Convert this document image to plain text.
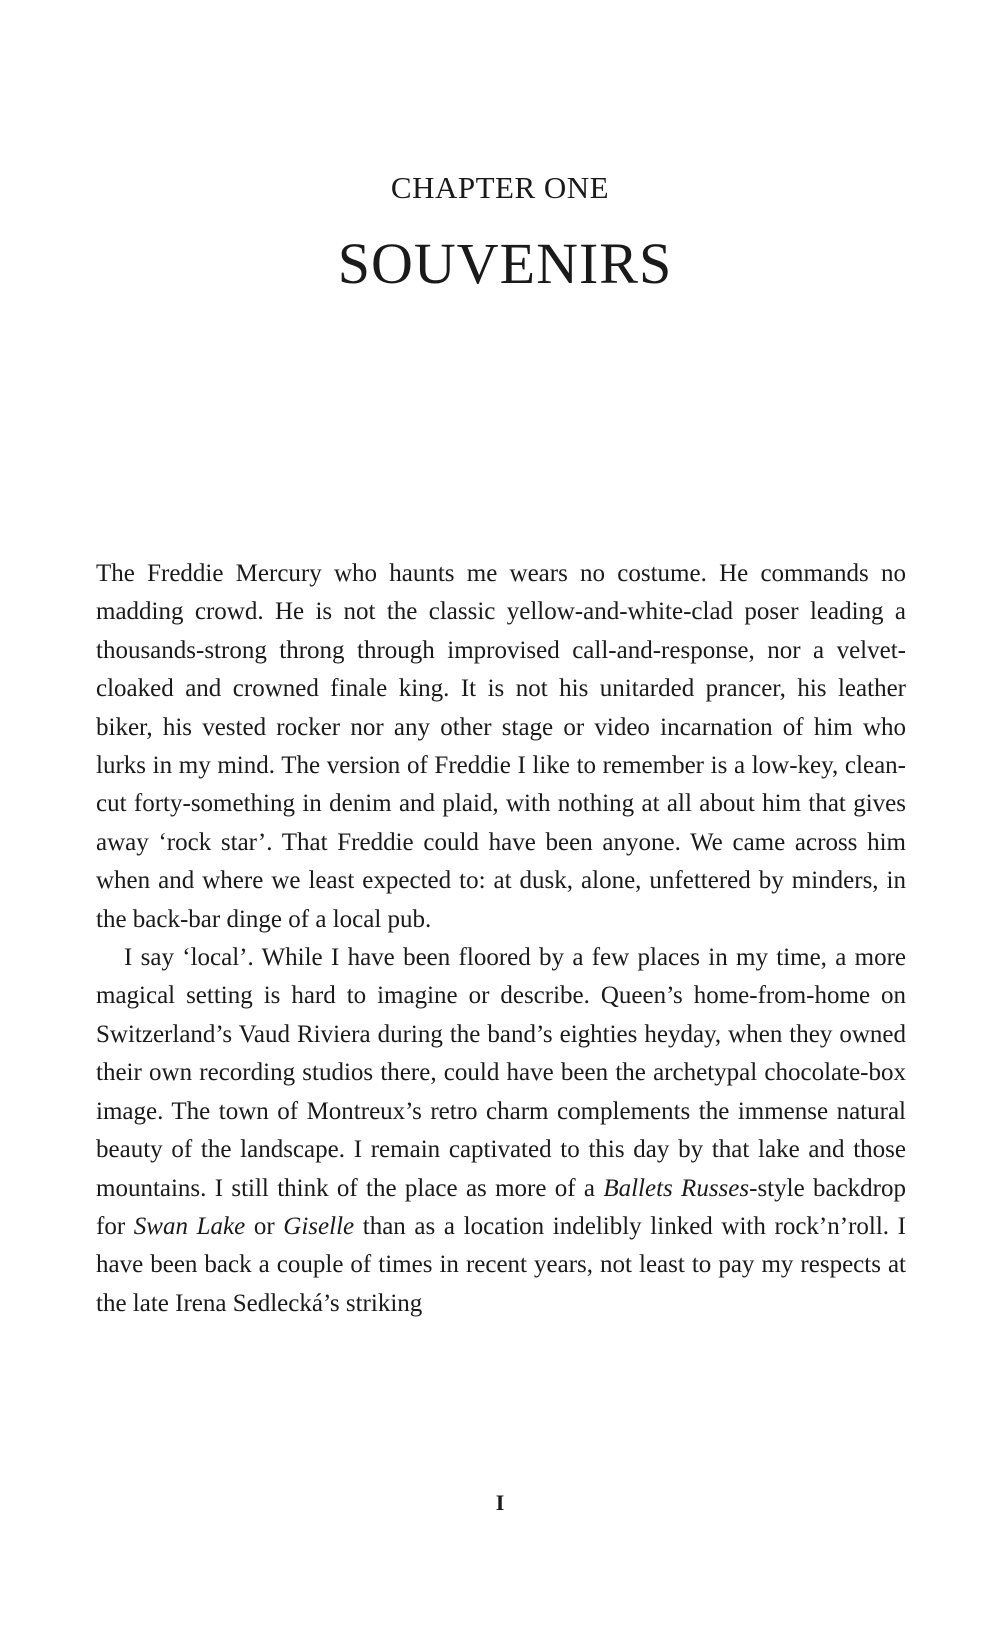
CHAPTER ONE
SOUVENIRS

The Freddie Mercury who haunts me wears no costume. He commands no madding crowd. He is not the classic yellow-and-white-clad poser leading a thousands-strong throng through improvised call-and-response, nor a velvet-cloaked and crowned finale king. It is not his unitarded prancer, his leather biker, his vested rocker nor any other stage or video incarnation of him who lurks in my mind. The version of Freddie I like to remember is a low-key, clean-cut forty-something in denim and plaid, with nothing at all about him that gives away ‘rock star’. That Freddie could have been anyone. We came across him when and where we least expected to: at dusk, alone, unfettered by minders, in the back-bar dinge of a local pub.

I say ‘local’. While I have been floored by a few places in my time, a more magical setting is hard to imagine or describe. Queen’s home-from-home on Switzerland’s Vaud Riviera during the band’s eighties heyday, when they owned their own recording studios there, could have been the archetypal chocolate-box image. The town of Montreux’s retro charm complements the immense natural beauty of the landscape. I remain captivated to this day by that lake and those mountains. I still think of the place as more of a Ballets Russes-style backdrop for Swan Lake or Giselle than as a location indelibly linked with rock’n’roll. I have been back a couple of times in recent years, not least to pay my respects at the late Irena Sedlecká’s striking

I
